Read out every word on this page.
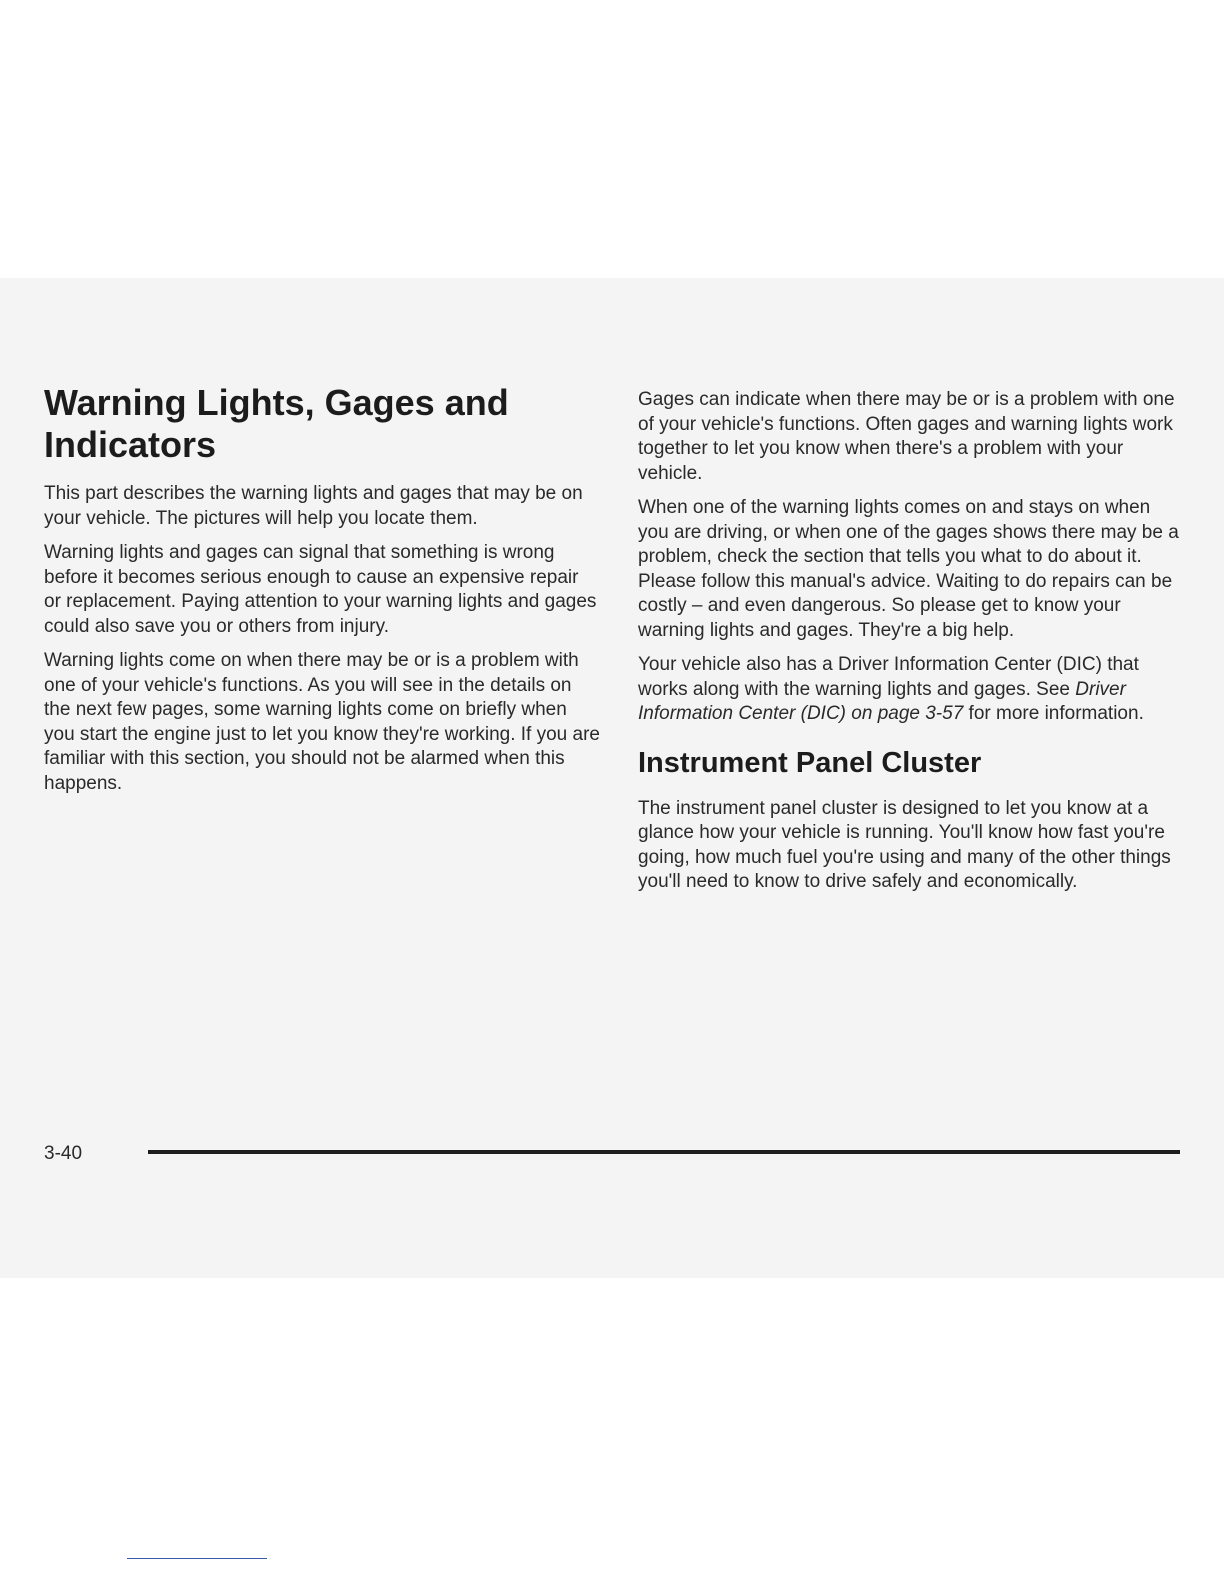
Warning Lights, Gages and Indicators

This part describes the warning lights and gages that may be on your vehicle. The pictures will help you locate them.

Warning lights and gages can signal that something is wrong before it becomes serious enough to cause an expensive repair or replacement. Paying attention to your warning lights and gages could also save you or others from injury.

Warning lights come on when there may be or is a problem with one of your vehicle's functions. As you will see in the details on the next few pages, some warning lights come on briefly when you start the engine just to let you know they're working. If you are familiar with this section, you should not be alarmed when this happens.

Gages can indicate when there may be or is a problem with one of your vehicle's functions. Often gages and warning lights work together to let you know when there's a problem with your vehicle.

When one of the warning lights comes on and stays on when you are driving, or when one of the gages shows there may be a problem, check the section that tells you what to do about it. Please follow this manual's advice. Waiting to do repairs can be costly – and even dangerous. So please get to know your warning lights and gages. They're a big help.

Your vehicle also has a Driver Information Center (DIC) that works along with the warning lights and gages. See Driver Information Center (DIC) on page 3-57 for more information.

Instrument Panel Cluster

The instrument panel cluster is designed to let you know at a glance how your vehicle is running. You'll know how fast you're going, how much fuel you're using and many of the other things you'll need to know to drive safely and economically.

3-40
